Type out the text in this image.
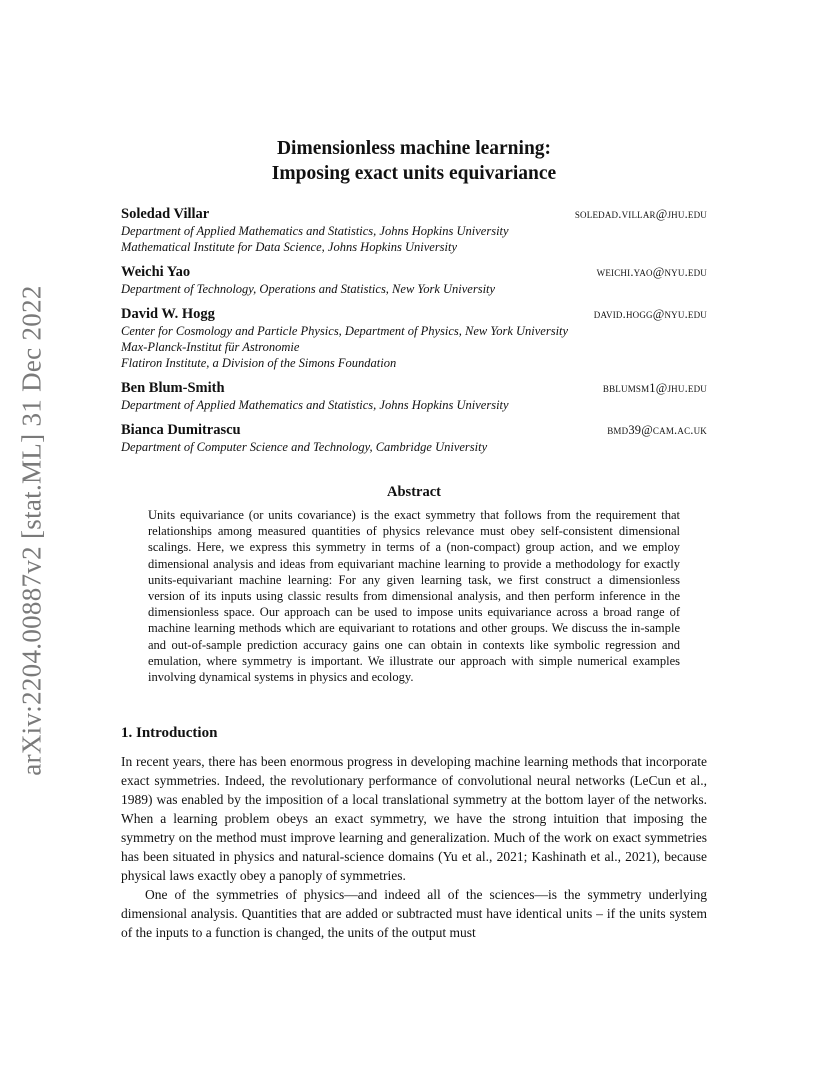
arXiv:2204.00887v2 [stat.ML] 31 Dec 2022
Dimensionless machine learning:
Imposing exact units equivariance
Soledad Villar	soledad.villar@jhu.edu
Department of Applied Mathematics and Statistics, Johns Hopkins University
Mathematical Institute for Data Science, Johns Hopkins University
Weichi Yao	weichi.yao@nyu.edu
Department of Technology, Operations and Statistics, New York University
David W. Hogg	david.hogg@nyu.edu
Center for Cosmology and Particle Physics, Department of Physics, New York University
Max-Planck-Institut für Astronomie
Flatiron Institute, a Division of the Simons Foundation
Ben Blum-Smith	bblumsm1@jhu.edu
Department of Applied Mathematics and Statistics, Johns Hopkins University
Bianca Dumitrascu	bmd39@cam.ac.uk
Department of Computer Science and Technology, Cambridge University
Abstract
Units equivariance (or units covariance) is the exact symmetry that follows from the requirement that relationships among measured quantities of physics relevance must obey self-consistent dimensional scalings. Here, we express this symmetry in terms of a (non-compact) group action, and we employ dimensional analysis and ideas from equivariant machine learning to provide a methodology for exactly units-equivariant machine learning: For any given learning task, we first construct a dimensionless version of its inputs using classic results from dimensional analysis, and then perform inference in the dimensionless space. Our approach can be used to impose units equivariance across a broad range of machine learning methods which are equivariant to rotations and other groups. We discuss the in-sample and out-of-sample prediction accuracy gains one can obtain in contexts like symbolic regression and emulation, where symmetry is important. We illustrate our approach with simple numerical examples involving dynamical systems in physics and ecology.
1. Introduction

In recent years, there has been enormous progress in developing machine learning methods that incorporate exact symmetries. Indeed, the revolutionary performance of convolutional neural networks (LeCun et al., 1989) was enabled by the imposition of a local translational symmetry at the bottom layer of the networks. When a learning problem obeys an exact symmetry, we have the strong intuition that imposing the symmetry on the method must improve learning and generalization. Much of the work on exact symmetries has been situated in physics and natural-science domains (Yu et al., 2021; Kashinath et al., 2021), because physical laws exactly obey a panoply of symmetries.

One of the symmetries of physics—and indeed all of the sciences—is the symmetry underlying dimensional analysis. Quantities that are added or subtracted must have identical units – if the units system of the inputs to a function is changed, the units of the output must
